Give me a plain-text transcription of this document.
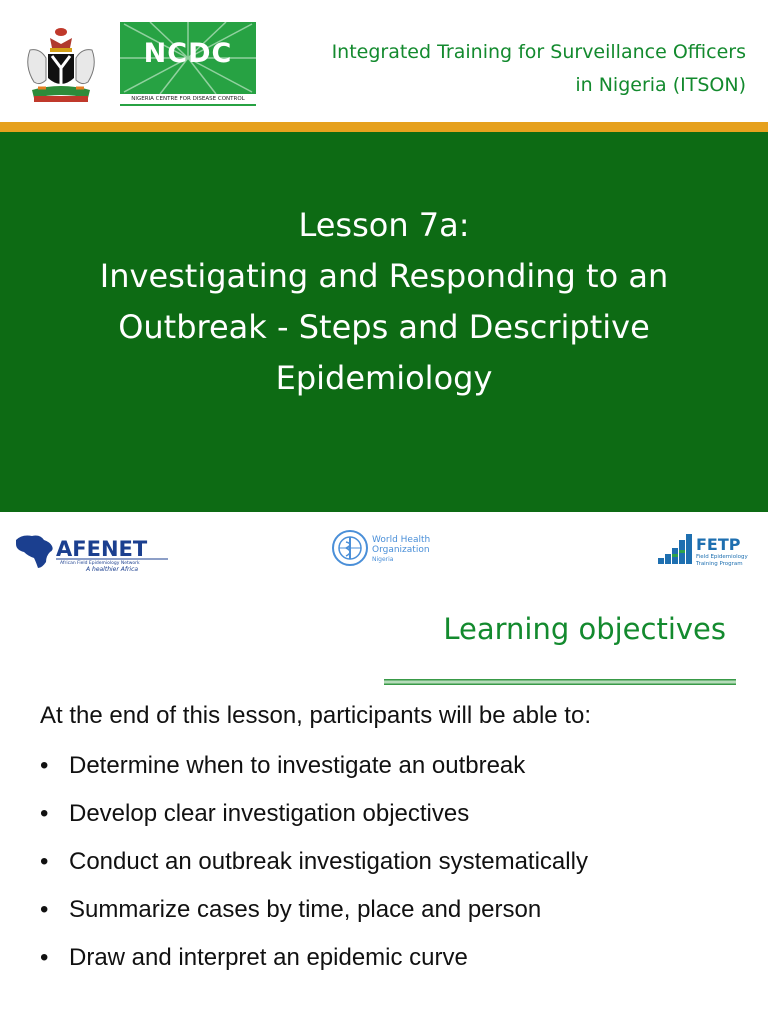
NCDC
NIGERIA CENTRE FOR DISEASE CONTROL
Integrated Training for Surveillance Officers
in Nigeria (ITSON)
Lesson 7a:
Investigating and Responding to an
Outbreak - Steps and Descriptive
Epidemiology
AFENET
African Field Epidemiology Network
A healthier Africa
World Health
Organization
Nigeria
FETP
Field Epidemiology
Training Program
Learning objectives
At the end of this lesson, participants will be able to:
• Determine when to investigate an outbreak
• Develop clear investigation objectives
• Conduct an outbreak investigation systematically
• Summarize cases by time, place and person
• Draw and interpret an epidemic curve
